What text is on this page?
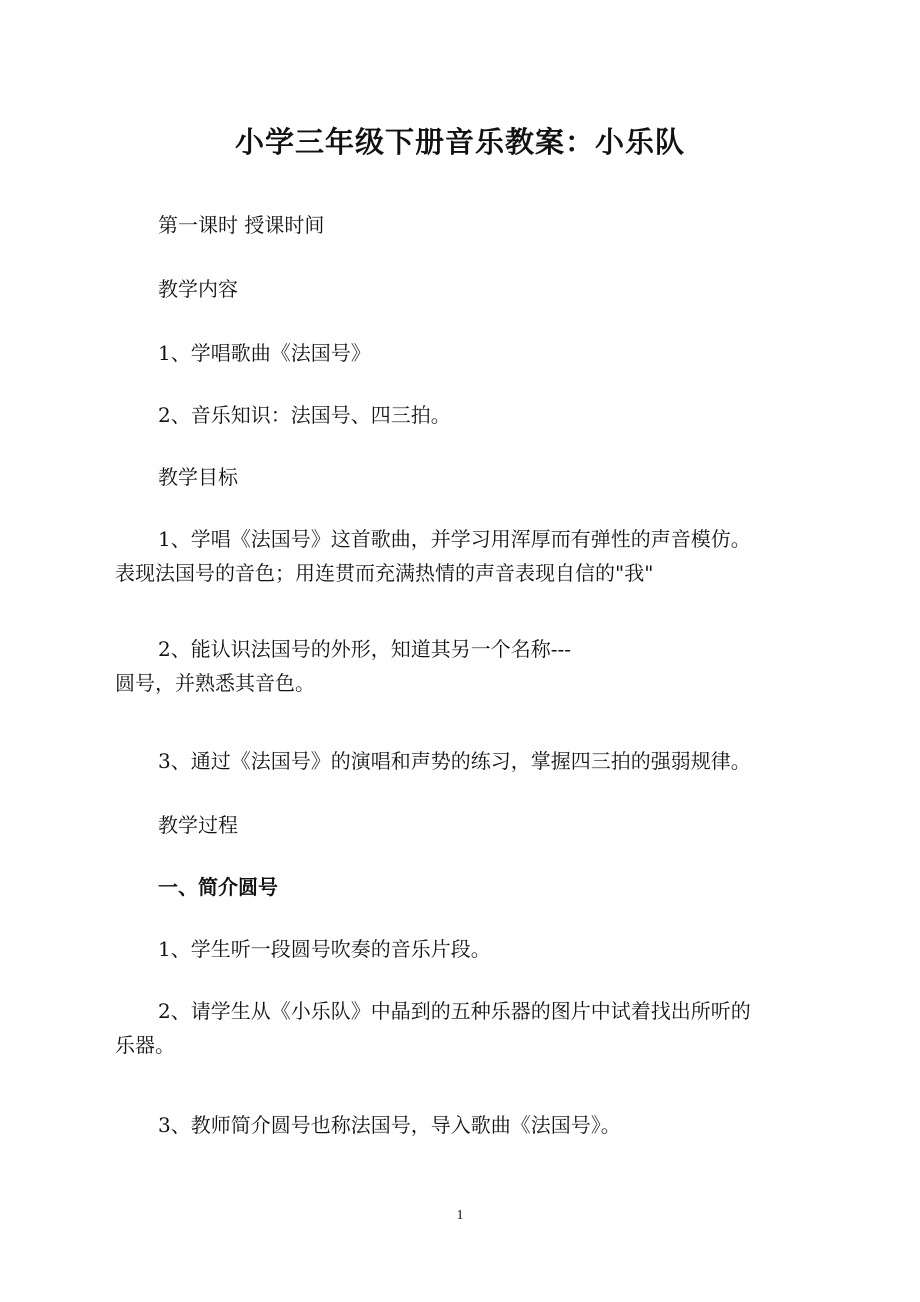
小学三年级下册音乐教案：小乐队
第一课时 授课时间
教学内容
1、学唱歌曲《法国号》
2、音乐知识：法国号、四三拍。
教学目标
1、学唱《法国号》这首歌曲，并学习用浑厚而有弹性的声音模仿。
表现法国号的音色；用连贯而充满热情的声音表现自信的"我"
2、能认识法国号的外形，知道其另一个名称---
圆号，并熟悉其音色。
3、通过《法国号》的演唱和声势的练习，掌握四三拍的强弱规律。
教学过程
一、简介圆号
1、学生听一段圆号吹奏的音乐片段。
2、请学生从《小乐队》中晶到的五种乐器的图片中试着找出所听的
乐器。
3、教师简介圆号也称法国号，导入歌曲《法国号》。
1
